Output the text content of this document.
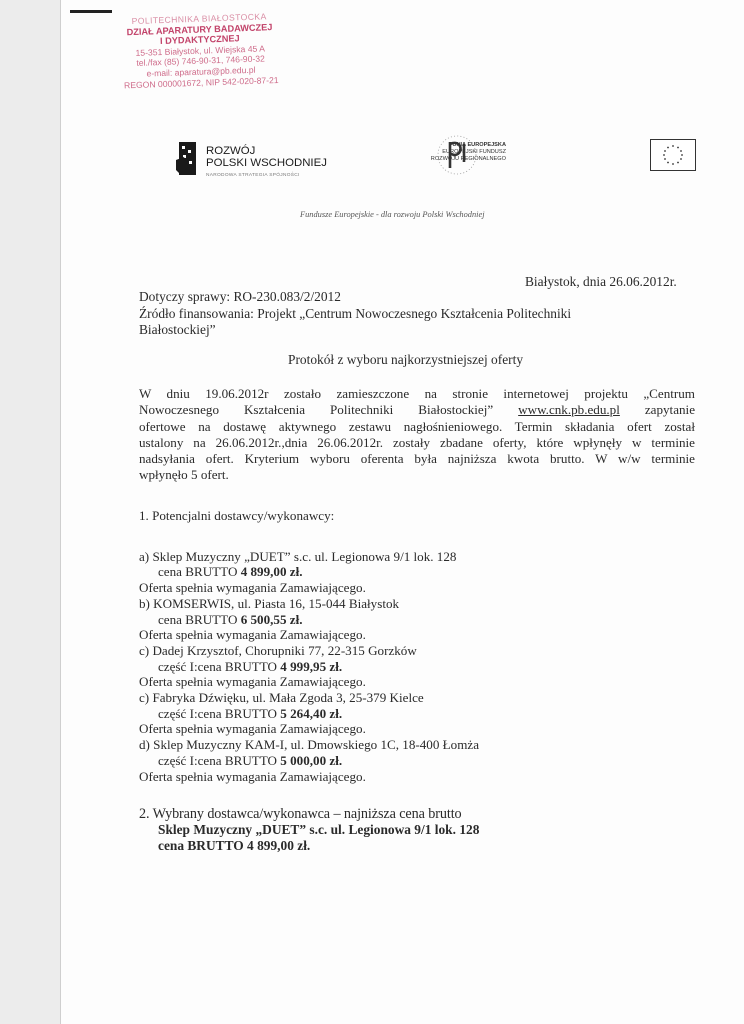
POLITECHNIKA BIAŁOSTOCKA
DZIAŁ APARATURY BADAWCZEJ
I DYDAKTYCZNEJ
15-351 Białystok, ul. Wiejska 45 A
tel./fax (85) 746-90-31, 746-90-32
e-mail: aparatura@pb.edu.pl
REGON 000001672, NIP 542-020-87-21
ROZWÓJ
POLSKI WSCHODNIEJ
NARODOWA STRATEGIA SPÓJNOŚCI
UNIA EUROPEJSKA
EUROPEJSKI FUNDUSZ
ROZWOJU REGIONALNEGO
Fundusze Europejskie - dla rozwoju Polski Wschodniej
Białystok, dnia 26.06.2012r.
Dotyczy sprawy: RO-230.083/2/2012
Źródło finansowania: Projekt „Centrum Nowoczesnego Kształcenia Politechniki
Białostockiej”
Protokół z wyboru najkorzystniejszej oferty
W dniu 19.06.2012r zostało zamieszczone na stronie internetowej projektu „Centrum
Nowoczesnego Kształcenia Politechniki Białostockiej” www.cnk.pb.edu.pl zapytanie
ofertowe na dostawę aktywnego zestawu nagłośnieniowego. Termin składania ofert został
ustalony na 26.06.2012r.,dnia 26.06.2012r. zostały zbadane oferty, które wpłynęły w terminie
nadsyłania ofert. Kryterium wyboru oferenta była najniższa kwota brutto. W w/w terminie
wpłynęło 5 ofert.
1. Potencjalni dostawcy/wykonawcy:
a) Sklep Muzyczny „DUET” s.c. ul. Legionowa 9/1 lok. 128
cena BRUTTO 4 899,00 zł.
Oferta spełnia wymagania Zamawiającego.
b) KOMSERWIS, ul. Piasta 16, 15-044 Białystok
cena BRUTTO 6 500,55 zł.
Oferta spełnia wymagania Zamawiającego.
c) Dadej Krzysztof, Chorupniki 77, 22-315 Gorzków
część I:cena BRUTTO 4 999,95 zł.
Oferta spełnia wymagania Zamawiającego.
c) Fabryka Dźwięku, ul. Mała Zgoda 3, 25-379 Kielce
część I:cena BRUTTO 5 264,40 zł.
Oferta spełnia wymagania Zamawiającego.
d) Sklep Muzyczny KAM-I, ul. Dmowskiego 1C, 18-400 Łomża
część I:cena BRUTTO 5 000,00 zł.
Oferta spełnia wymagania Zamawiającego.
2. Wybrany dostawca/wykonawca – najniższa cena brutto
Sklep Muzyczny „DUET” s.c. ul. Legionowa 9/1 lok. 128
cena BRUTTO 4 899,00 zł.
